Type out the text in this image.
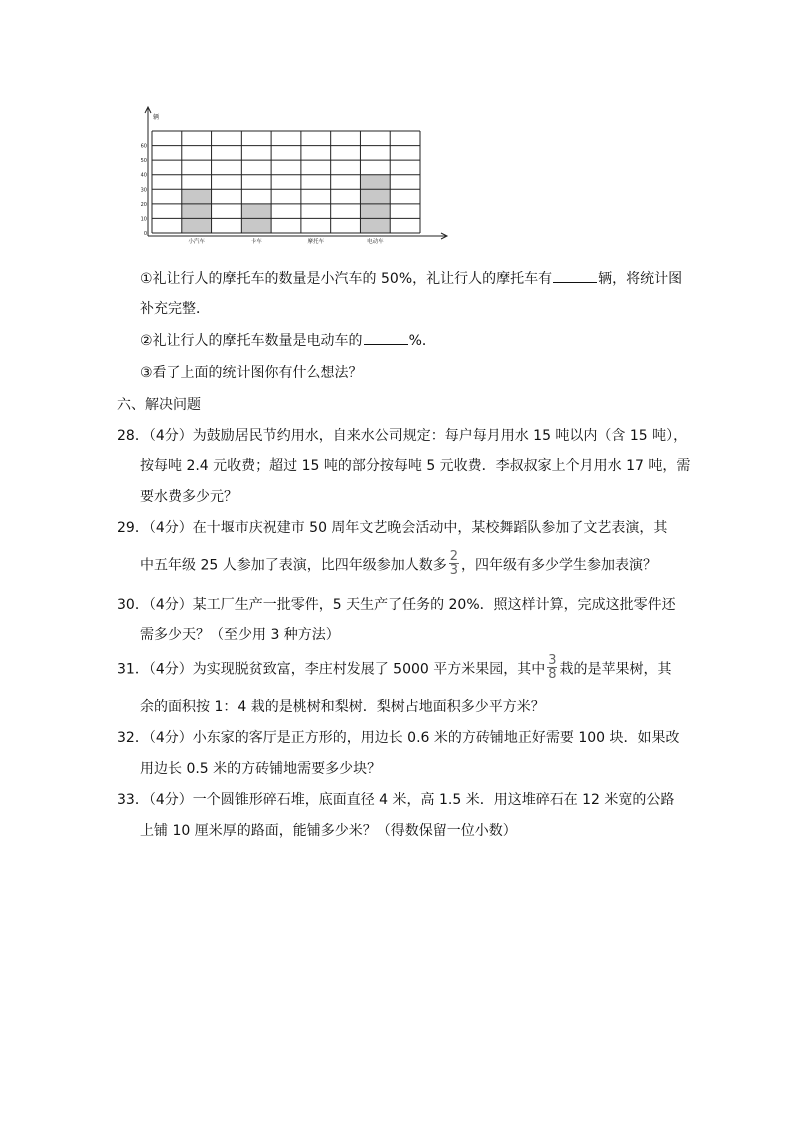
辆
0
10
20
30
40
50
60
小汽车	卡车	摩托车	电动车
①礼让行人的摩托车的数量是小汽车的 50%，礼让行人的摩托车有	辆，将统计图
补充完整．
②礼让行人的摩托车数量是电动车的	%．
③看了上面的统计图你有什么想法？
六、解决问题
28．（4分）为鼓励居民节约用水，自来水公司规定：每户每月用水 15 吨以内（含 15 吨），
按每吨 2.4 元收费；超过 15 吨的部分按每吨 5 元收费．李叔叔家上个月用水 17 吨，需
要水费多少元？
29．（4分）在十堰市庆祝建市 50 周年文艺晚会活动中，某校舞蹈队参加了文艺表演，其
中五年级 25 人参加了表演，比四年级参加人数多 $\frac{2}{3}$ ，四年级有多少学生参加表演？
30．（4分）某工厂生产一批零件，5 天生产了任务的 20%．照这样计算，完成这批零件还
需多少天？（至少用 3 种方法）
31．（4分）为实现脱贫致富，李庄村发展了 5000 平方米果园，其中 $\frac{3}{8}$ 栽的是苹果树，其
余的面积按 1：4 栽的是桃树和梨树．梨树占地面积多少平方米？
32．（4分）小东家的客厅是正方形的，用边长 0.6 米的方砖铺地正好需要 100 块．如果改
用边长 0.5 米的方砖铺地需要多少块？
33．（4分）一个圆锥形碎石堆，底面直径 4 米，高 1.5 米．用这堆碎石在 12 米宽的公路
上铺 10 厘米厚的路面，能铺多少米？（得数保留一位小数）
